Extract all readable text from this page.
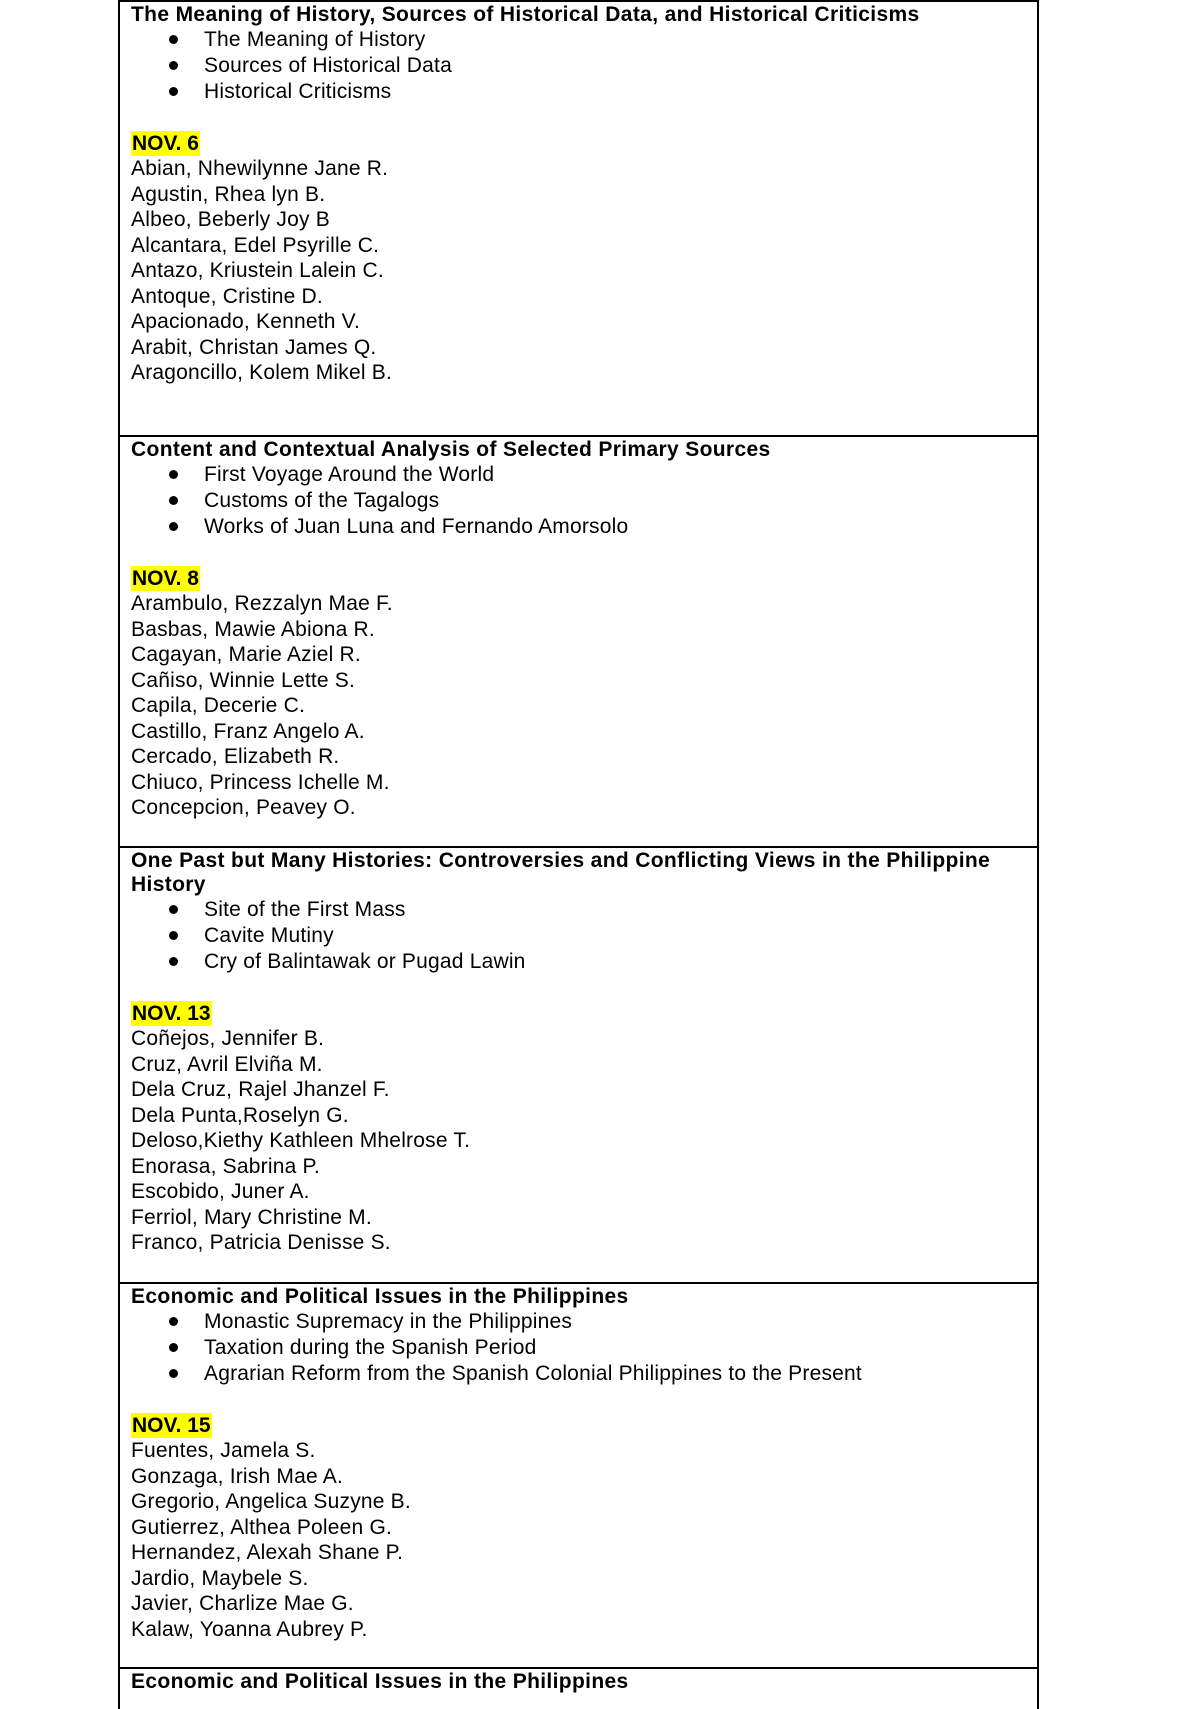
The Meaning of History, Sources of Historical Data, and Historical Criticisms

The Meaning of History
Sources of Historical Data
Historical Criticisms
NOV. 6
Abian, Nhewilynne Jane R.
Agustin, Rhea lyn B.
Albeo, Beberly Joy B
Alcantara, Edel Psyrille C.
Antazo, Kriustein Lalein C.
Antoque, Cristine D.
Apacionado, Kenneth V.
Arabit, Christan James Q.
Aragoncillo, Kolem Mikel B.

Content and Contextual Analysis of Selected Primary Sources

First Voyage Around the World
Customs of the Tagalogs
Works of Juan Luna and Fernando Amorsolo
NOV. 8
Arambulo, Rezzalyn Mae F.
Basbas, Mawie Abiona R.
Cagayan, Marie Aziel R.
Cañiso, Winnie Lette S.
Capila, Decerie C.
Castillo, Franz Angelo A.
Cercado, Elizabeth R.
Chiuco, Princess Ichelle M.
Concepcion, Peavey O.

One Past but Many Histories: Controversies and Conflicting Views in the Philippine History

Site of the First Mass
Cavite Mutiny
Cry of Balintawak or Pugad Lawin
NOV. 13
Coñejos, Jennifer B.
Cruz, Avril Elviña M.
Dela Cruz, Rajel Jhanzel F.
Dela Punta,Roselyn G.
Deloso,Kiethy Kathleen Mhelrose T.
Enorasa, Sabrina P.
Escobido, Juner A.
Ferriol, Mary Christine M.
Franco, Patricia Denisse S.

Economic and Political Issues in the Philippines

Monastic Supremacy in the Philippines
Taxation during the Spanish Period
Agrarian Reform from the Spanish Colonial Philippines to the Present
NOV. 15
Fuentes, Jamela S.
Gonzaga, Irish Mae A.
Gregorio, Angelica Suzyne B.
Gutierrez, Althea Poleen G.
Hernandez, Alexah Shane P.
Jardio, Maybele S.
Javier, Charlize Mae G.
Kalaw, Yoanna Aubrey P.

Economic and Political Issues in the Philippines
